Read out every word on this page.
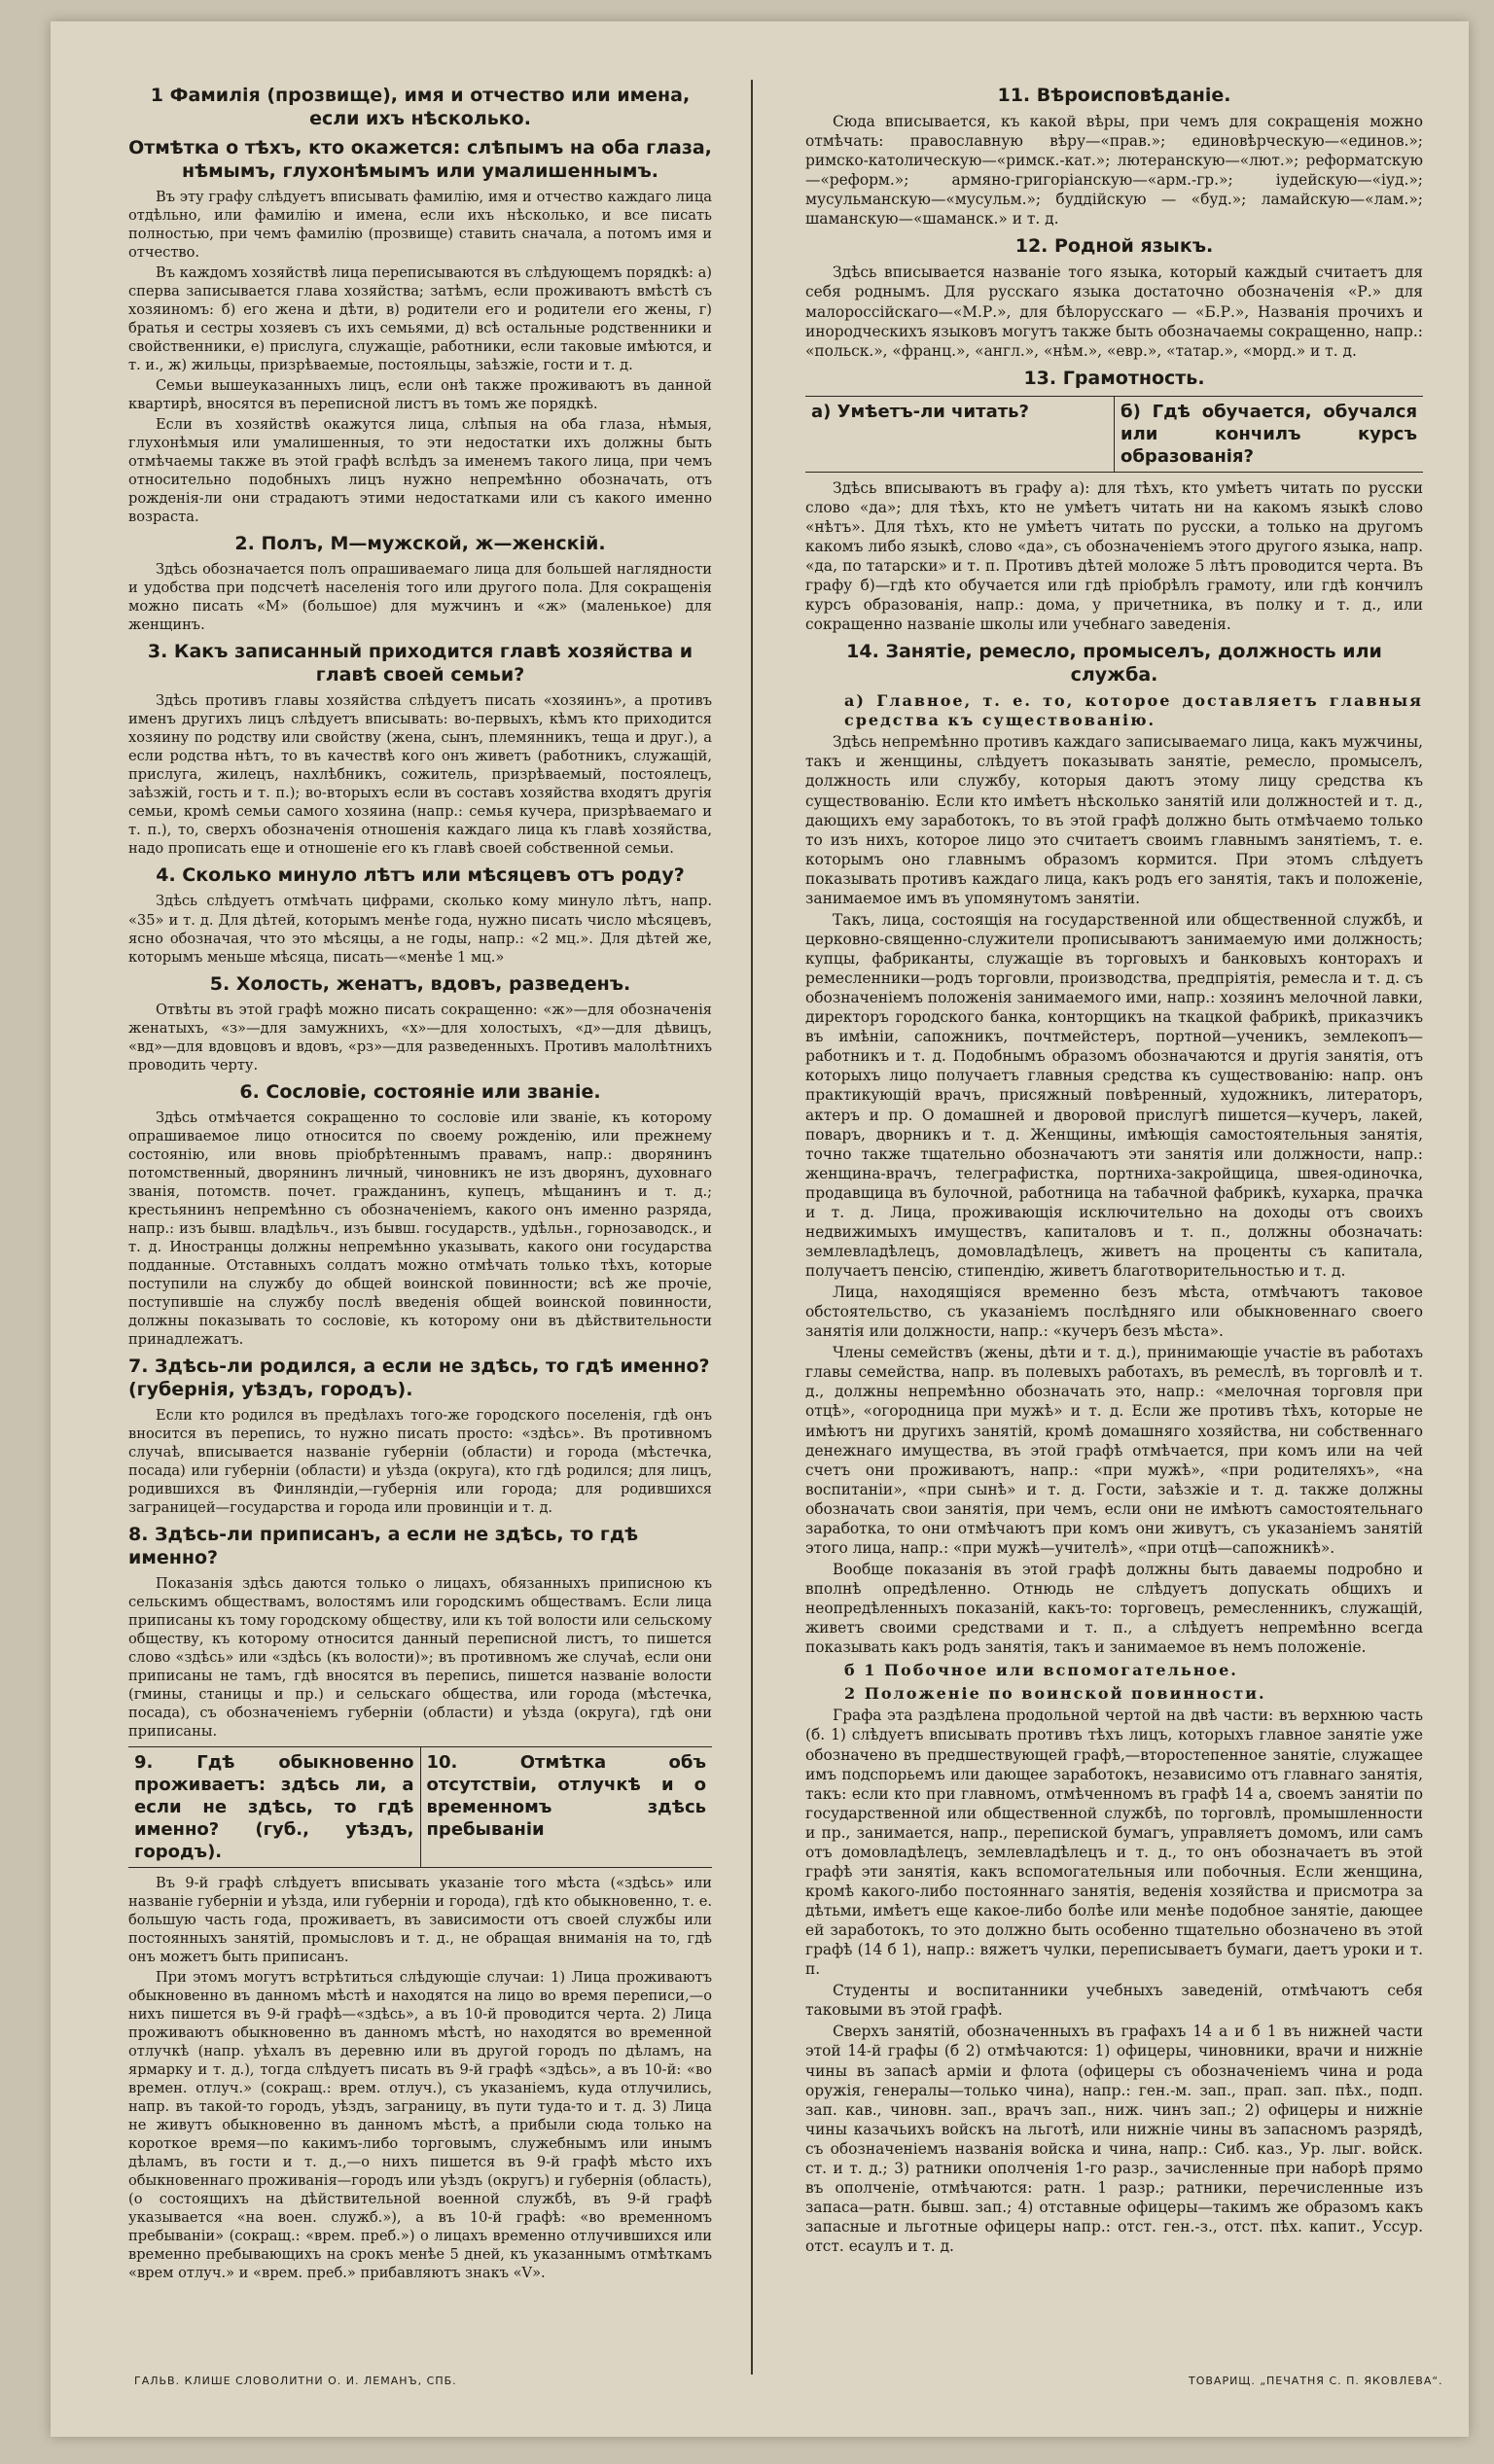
1 Фамилія (прозвище), имя и отчество или имена, если ихъ нѣсколько.
Отмѣтка о тѣхъ, кто окажется: слѣпымъ на оба глаза, нѣмымъ, глухонѣмымъ или умалишеннымъ.

Въ эту графу слѣдуетъ вписывать фамилію, имя и отчество каждаго лица отдѣльно, или фамилію и имена, если ихъ нѣсколько, и все писать полностью, при чемъ фамилію (прозвище) ставить сначала, а потомъ имя и отчество.

Въ каждомъ хозяйствѣ лица переписываются въ слѣдующемъ порядкѣ: а) сперва записывается глава хозяйства; затѣмъ, если проживаютъ вмѣстѣ съ хозяиномъ: б) его жена и дѣти, в) родители его и родители его жены, г) братья и сестры хозяевъ съ ихъ семьями, д) всѣ остальные родственники и свойственники, е) прислуга, служащіе, работники, если таковые имѣются, и т. и., ж) жильцы, призрѣваемые, постояльцы, заѣзжіе, гости и т. д.

Семьи вышеуказанныхъ лицъ, если онѣ также проживаютъ въ данной квартирѣ, вносятся въ переписной листъ въ томъ же порядкѣ.

Если въ хозяйствѣ окажутся лица, слѣпыя на оба глаза, нѣмыя, глухонѣмыя или умалишенныя, то эти недостатки ихъ должны быть отмѣчаемы также въ этой графѣ вслѣдъ за именемъ такого лица, при чемъ относительно подобныхъ лицъ нужно непремѣнно обозначать, отъ рожденія-ли они страдаютъ этими недостатками или съ какого именно возраста.

2. Полъ, М—мужской, ж—женскій.

Здѣсь обозначается полъ опрашиваемаго лица для большей наглядности и удобства при подсчетѣ населенія того или другого пола. Для сокращенія можно писать «М» (большое) для мужчинъ и «ж» (маленькое) для женщинъ.

3. Какъ записанный приходится главѣ хозяйства и главѣ своей семьи?

Здѣсь противъ главы хозяйства слѣдуетъ писать «хозяинъ», а противъ именъ другихъ лицъ слѣдуетъ вписывать: во-первыхъ, кѣмъ кто приходится хозяину по родству или свойству (жена, сынъ, племянникъ, теща и друг.), а если родства нѣтъ, то въ качествѣ кого онъ живетъ (работникъ, служащій, прислуга, жилецъ, нахлѣбникъ, сожитель, призрѣваемый, постоялецъ, заѣзжій, гость и т. п.); во-вторыхъ если въ составъ хозяйства входятъ другія семьи, кромѣ семьи самого хозяина (напр.: семья кучера, призрѣваемаго и т. п.), то, сверхъ обозначенія отношенія каждаго лица къ главѣ хозяйства, надо прописать еще и отношеніе его къ главѣ своей собственной семьи.

4. Сколько минуло лѣтъ или мѣсяцевъ отъ роду?

Здѣсь слѣдуетъ отмѣчать цифрами, сколько кому минуло лѣтъ, напр. «35» и т. д. Для дѣтей, которымъ менѣе года, нужно писать число мѣсяцевъ, ясно обозначая, что это мѣсяцы, а не годы, напр.: «2 мц.». Для дѣтей же, которымъ меньше мѣсяца, писать—«менѣе 1 мц.»

5. Холость, женатъ, вдовъ, разведенъ.

Отвѣты въ этой графѣ можно писать сокращенно: «ж»—для обозначенія женатыхъ, «з»—для замужнихъ, «х»—для холостыхъ, «д»—для дѣвицъ, «вд»—для вдовцовъ и вдовъ, «рз»—для разведенныхъ. Противъ малолѣтнихъ проводить черту.

6. Сословіе, состояніе или званіе.

Здѣсь отмѣчается сокращенно то сословіе или званіе, къ которому опрашиваемое лицо относится по своему рожденію, или прежнему состоянію, или вновь пріобрѣтеннымъ правамъ, напр.: дворянинъ потомственный, дворянинъ личный, чиновникъ не изъ дворянъ, духовнаго званія, потомств. почет. гражданинъ, купецъ, мѣщанинъ и т. д.; крестьянинъ непремѣнно съ обозначеніемъ, какого онъ именно разряда, напр.: изъ бывш. владѣльч., изъ бывш. государств., удѣльн., горнозаводск., и т. д. Иностранцы должны непремѣнно указывать, какого они государства подданные. Отставныхъ солдатъ можно отмѣчать только тѣхъ, которые поступили на службу до общей воинской повинности; всѣ же прочіе, поступившіе на службу послѣ введенія общей воинской повинности, должны показывать то сословіе, къ которому они въ дѣйствительности принадлежатъ.

7. Здѣсь-ли родился, а если не здѣсь, то гдѣ именно? (губернія, уѣздъ, городъ).

Если кто родился въ предѣлахъ того-же городского поселенія, гдѣ онъ вносится въ перепись, то нужно писать просто: «здѣсь». Въ противномъ случаѣ, вписывается названіе губерніи (области) и города (мѣстечка, посада) или губерніи (области) и уѣзда (округа), кто гдѣ родился; для лицъ, родившихся въ Финляндіи,—губернія или города; для родившихся заграницей—государства и города или провинціи и т. д.

8. Здѣсь-ли приписанъ, а если не здѣсь, то гдѣ именно?

Показанія здѣсь даются только о лицахъ, обязанныхъ приписною къ сельскимъ обществамъ, волостямъ или городскимъ обществамъ. Если лица приписаны къ тому городскому обществу, или къ той волости или сельскому обществу, къ которому относится данный переписной листъ, то пишется слово «здѣсь» или «здѣсь (къ волости)»; въ противномъ же случаѣ, если они приписаны не тамъ, гдѣ вносятся въ перепись, пишется названіе волости (гмины, станицы и пр.) и сельскаго общества, или города (мѣстечка, посада), съ обозначеніемъ губерніи (области) и уѣзда (округа), гдѣ они приписаны.

9. Гдѣ обыкновенно проживаетъ: здѣсь ли, а если не здѣсь, то гдѣ именно? (губ., уѣздъ, городъ).
10. Отмѣтка объ отсутствіи, отлучкѣ и о временномъ здѣсь пребываніи

Въ 9-й графѣ слѣдуетъ вписывать указаніе того мѣста («здѣсь» или названіе губерніи и уѣзда, или губерніи и города), гдѣ кто обыкновенно, т. е. большую часть года, проживаетъ, въ зависимости отъ своей службы или постоянныхъ занятій, промысловъ и т. д., не обращая вниманія на то, гдѣ онъ можетъ быть приписанъ.

При этомъ могутъ встрѣтиться слѣдующіе случаи: 1) Лица проживаютъ обыкновенно въ данномъ мѣстѣ и находятся на лицо во время переписи,—о нихъ пишется въ 9-й графѣ—«здѣсь», а въ 10-й проводится черта. 2) Лица проживаютъ обыкновенно въ данномъ мѣстѣ, но находятся во временной отлучкѣ (напр. уѣхалъ въ деревню или въ другой городъ по дѣламъ, на ярмарку и т. д.), тогда слѣдуетъ писать въ 9-й графѣ «здѣсь», а въ 10-й: «во времен. отлуч.» (сокращ.: врем. отлуч.), съ указаніемъ, куда отлучились, напр. въ такой-то городъ, уѣздъ, заграницу, въ пути туда-то и т. д. 3) Лица не живутъ обыкновенно въ данномъ мѣстѣ, а прибыли сюда только на короткое время—по какимъ-либо торговымъ, служебнымъ или инымъ дѣламъ, въ гости и т. д.,—о нихъ пишется въ 9-й графѣ мѣсто ихъ обыкновеннаго проживанія—городъ или уѣздъ (округъ) и губернія (область), (о состоящихъ на дѣйствительной военной службѣ, въ 9-й графѣ указывается «на воен. служб.»), а въ 10-й графѣ: «во временномъ пребываніи» (сокращ.: «врем. преб.») о лицахъ временно отлучившихся или временно пребывающихъ на срокъ менѣе 5 дней, къ указаннымъ отмѣткамъ «врем отлуч.» и «врем. преб.» прибавляютъ знакъ «V».

11. Вѣроисповѣданіе.

Сюда вписывается, къ какой вѣры, при чемъ для сокращенія можно отмѣчать: православную вѣру—«прав.»; единовѣрческую—«единов.»; римско-католическую—«римск.-кат.»; лютеранскую—«лют.»; реформатскую—«реформ.»; армяно-григоріанскую—«арм.-гр.»; іудейскую—«іуд.»; мусульманскую—«мусульм.»; буддійскую — «буд.»; ламайскую—«лам.»; шаманскую—«шаманск.» и т. д.

12. Родной языкъ.

Здѣсь вписывается названіе того языка, который каждый считаетъ для себя роднымъ. Для русскаго языка достаточно обозначенія «Р.» для малороссійскаго—«М.Р.», для бѣлорусскаго — «Б.Р.», Названія прочихъ и инородческихъ языковъ могутъ также быть обозначаемы сокращенно, напр.: «польск.», «франц.», «англ.», «нѣм.», «евр.», «татар.», «морд.» и т. д.

13. Грамотность.
а) Умѣетъ-ли читать?	б) Гдѣ обучается, обучался или кончилъ курсъ образованія?

Здѣсь вписываютъ въ графу а): для тѣхъ, кто умѣетъ читать по русски слово «да»; для тѣхъ, кто не умѣетъ читать ни на какомъ языкѣ слово «нѣтъ». Для тѣхъ, кто не умѣетъ читать по русски, а только на другомъ какомъ либо языкѣ, слово «да», съ обозначеніемъ этого другого языка, напр. «да, по татарски» и т. п. Противъ дѣтей моложе 5 лѣтъ проводится черта. Въ графу б)—гдѣ кто обучается или гдѣ пріобрѣлъ грамоту, или гдѣ кончилъ курсъ образованія, напр.: дома, у причетника, въ полку и т. д., или сокращенно названіе школы или учебнаго заведенія.

14. Занятіе, ремесло, промыселъ, должность или служба.
а) Главное, т. е. то, которое доставляетъ главныя средства къ существованію.

Здѣсь непремѣнно противъ каждаго записываемаго лица, какъ мужчины, такъ и женщины, слѣдуетъ показывать занятіе, ремесло, промыселъ, должность или службу, которыя даютъ этому лицу средства къ существованію. Если кто имѣетъ нѣсколько занятій или должностей и т. д., дающихъ ему заработокъ, то въ этой графѣ должно быть отмѣчаемо только то изъ нихъ, которое лицо это считаетъ своимъ главнымъ занятіемъ, т. е. которымъ оно главнымъ образомъ кормится. При этомъ слѣдуетъ показывать противъ каждаго лица, какъ родъ его занятія, такъ и положеніе, занимаемое имъ въ упомянутомъ занятіи.

Такъ, лица, состоящія на государственной или общественной службѣ, и церковно-священно-служители прописываютъ занимаемую ими должность; купцы, фабриканты, служащіе въ торговыхъ и банковыхъ конторахъ и ремесленники—родъ торговли, производства, предпріятія, ремесла и т. д. съ обозначеніемъ положенія занимаемого ими, напр.: хозяинъ мелочной лавки, директоръ городского банка, конторщикъ на ткацкой фабрикѣ, приказчикъ въ имѣніи, сапожникъ, почтмейстеръ, портной—ученикъ, землекопъ—работникъ и т. д. Подобнымъ образомъ обозначаются и другія занятія, отъ которыхъ лицо получаетъ главныя средства къ существованію: напр. онъ практикующій врачъ, присяжный повѣренный, художникъ, литераторъ, актеръ и пр. О домашней и дворовой прислугѣ пишется—кучеръ, лакей, поваръ, дворникъ и т. д. Женщины, имѣющія самостоятельныя занятія, точно также тщательно обозначаютъ эти занятія или должности, напр.: женщина-врачъ, телеграфистка, портниха-закройщица, швея-одиночка, продавщица въ булочной, работница на табачной фабрикѣ, кухарка, прачка и т. д. Лица, проживающія исключительно на доходы отъ своихъ недвижимыхъ имуществъ, капиталовъ и т. п., должны обозначать: землевладѣлецъ, домовладѣлецъ, живетъ на проценты съ капитала, получаетъ пенсію, стипендію, живетъ благотворительностью и т. д.

Лица, находящіяся временно безъ мѣста, отмѣчаютъ таковое обстоятельство, съ указаніемъ послѣдняго или обыкновеннаго своего занятія или должности, напр.: «кучеръ безъ мѣста».

Члены семействъ (жены, дѣти и т. д.), принимающіе участіе въ работахъ главы семейства, напр. въ полевыхъ работахъ, въ ремеслѣ, въ торговлѣ и т. д., должны непремѣнно обозначать это, напр.: «мелочная торговля при отцѣ», «огородница при мужѣ» и т. д. Если же противъ тѣхъ, которые не имѣютъ ни другихъ занятій, кромѣ домашняго хозяйства, ни собственнаго денежнаго имущества, въ этой графѣ отмѣчается, при комъ или на чей счетъ они проживаютъ, напр.: «при мужѣ», «при родителяхъ», «на воспитаніи», «при сынѣ» и т. д. Гости, заѣзжіе и т. д. также должны обозначать свои занятія, при чемъ, если они не имѣютъ самостоятельнаго заработка, то они отмѣчаютъ при комъ они живутъ, съ указаніемъ занятій этого лица, напр.: «при мужѣ—учителѣ», «при отцѣ—сапожникѣ».

Вообще показанія въ этой графѣ должны быть даваемы подробно и вполнѣ опредѣленно. Отнюдь не слѣдуетъ допускать общихъ и неопредѣленныхъ показаній, какъ-то: торговецъ, ремесленникъ, служащій, живетъ своими средствами и т. п., а слѣдуетъ непремѣнно всегда показывать какъ родъ занятія, такъ и занимаемое въ немъ положеніе.

б 1 Побочное или вспомогательное.
2 Положеніе по воинской повинности.

Графа эта раздѣлена продольной чертой на двѣ части: въ верхнюю часть (б. 1) слѣдуетъ вписывать противъ тѣхъ лицъ, которыхъ главное занятіе уже обозначено въ предшествующей графѣ,—второстепенное занятіе, служащее имъ подспорьемъ или дающее заработокъ, независимо отъ главнаго занятія, такъ: если кто при главномъ, отмѣченномъ въ графѣ 14 а, своемъ занятіи по государственной или общественной службѣ, по торговлѣ, промышленности и пр., занимается, напр., перепиской бумагъ, управляетъ домомъ, или самъ отъ домовладѣлецъ, землевладѣлецъ и т. д., то онъ обозначаетъ въ этой графѣ эти занятія, какъ вспомогательныя или побочныя. Если женщина, кромѣ какого-либо постояннаго занятія, веденія хозяйства и присмотра за дѣтьми, имѣетъ еще какое-либо болѣе или менѣе подобное занятіе, дающее ей заработокъ, то это должно быть особенно тщательно обозначено въ этой графѣ (14 б 1), напр.: вяжетъ чулки, переписываетъ бумаги, даетъ уроки и т. п.

Студенты и воспитанники учебныхъ заведеній, отмѣчаютъ себя таковыми въ этой графѣ.

Сверхъ занятій, обозначенныхъ въ графахъ 14 а и б 1 въ нижней части этой 14-й графы (б 2) отмѣчаются: 1) офицеры, чиновники, врачи и нижніе чины въ запасѣ арміи и флота (офицеры съ обозначеніемъ чина и рода оружія, генералы—только чина), напр.: ген.-м. зап., прап. зап. пѣх., подп. зап. кав., чиновн. зап., врачъ зап., ниж. чинъ зап.; 2) офицеры и нижніе чины казачьихъ войскъ на льготѣ, или нижніе чины въ запасномъ разрядѣ, съ обозначеніемъ названія войска и чина, напр.: Сиб. каз., Ур. лыг. войск. ст. и т. д.; 3) ратники ополченія 1-го разр., зачисленные при наборѣ прямо въ ополченіе, отмѣчаются: ратн. 1 разр.; ратники, перечисленные изъ запаса—ратн. бывш. зап.; 4) отставные офицеры—такимъ же образомъ какъ запасные и льготные офицеры напр.: отст. ген.-з., отст. пѣх. капит., Уссур. отст. есаулъ и т. д.

ГАЛЬВ. КЛИШЕ СЛОВОЛИТНИ О. И. ЛЕМАНЪ, СПБ.	ТОВАРИЩ. „ПЕЧАТНЯ С. П. ЯКОВЛЕВА“.
